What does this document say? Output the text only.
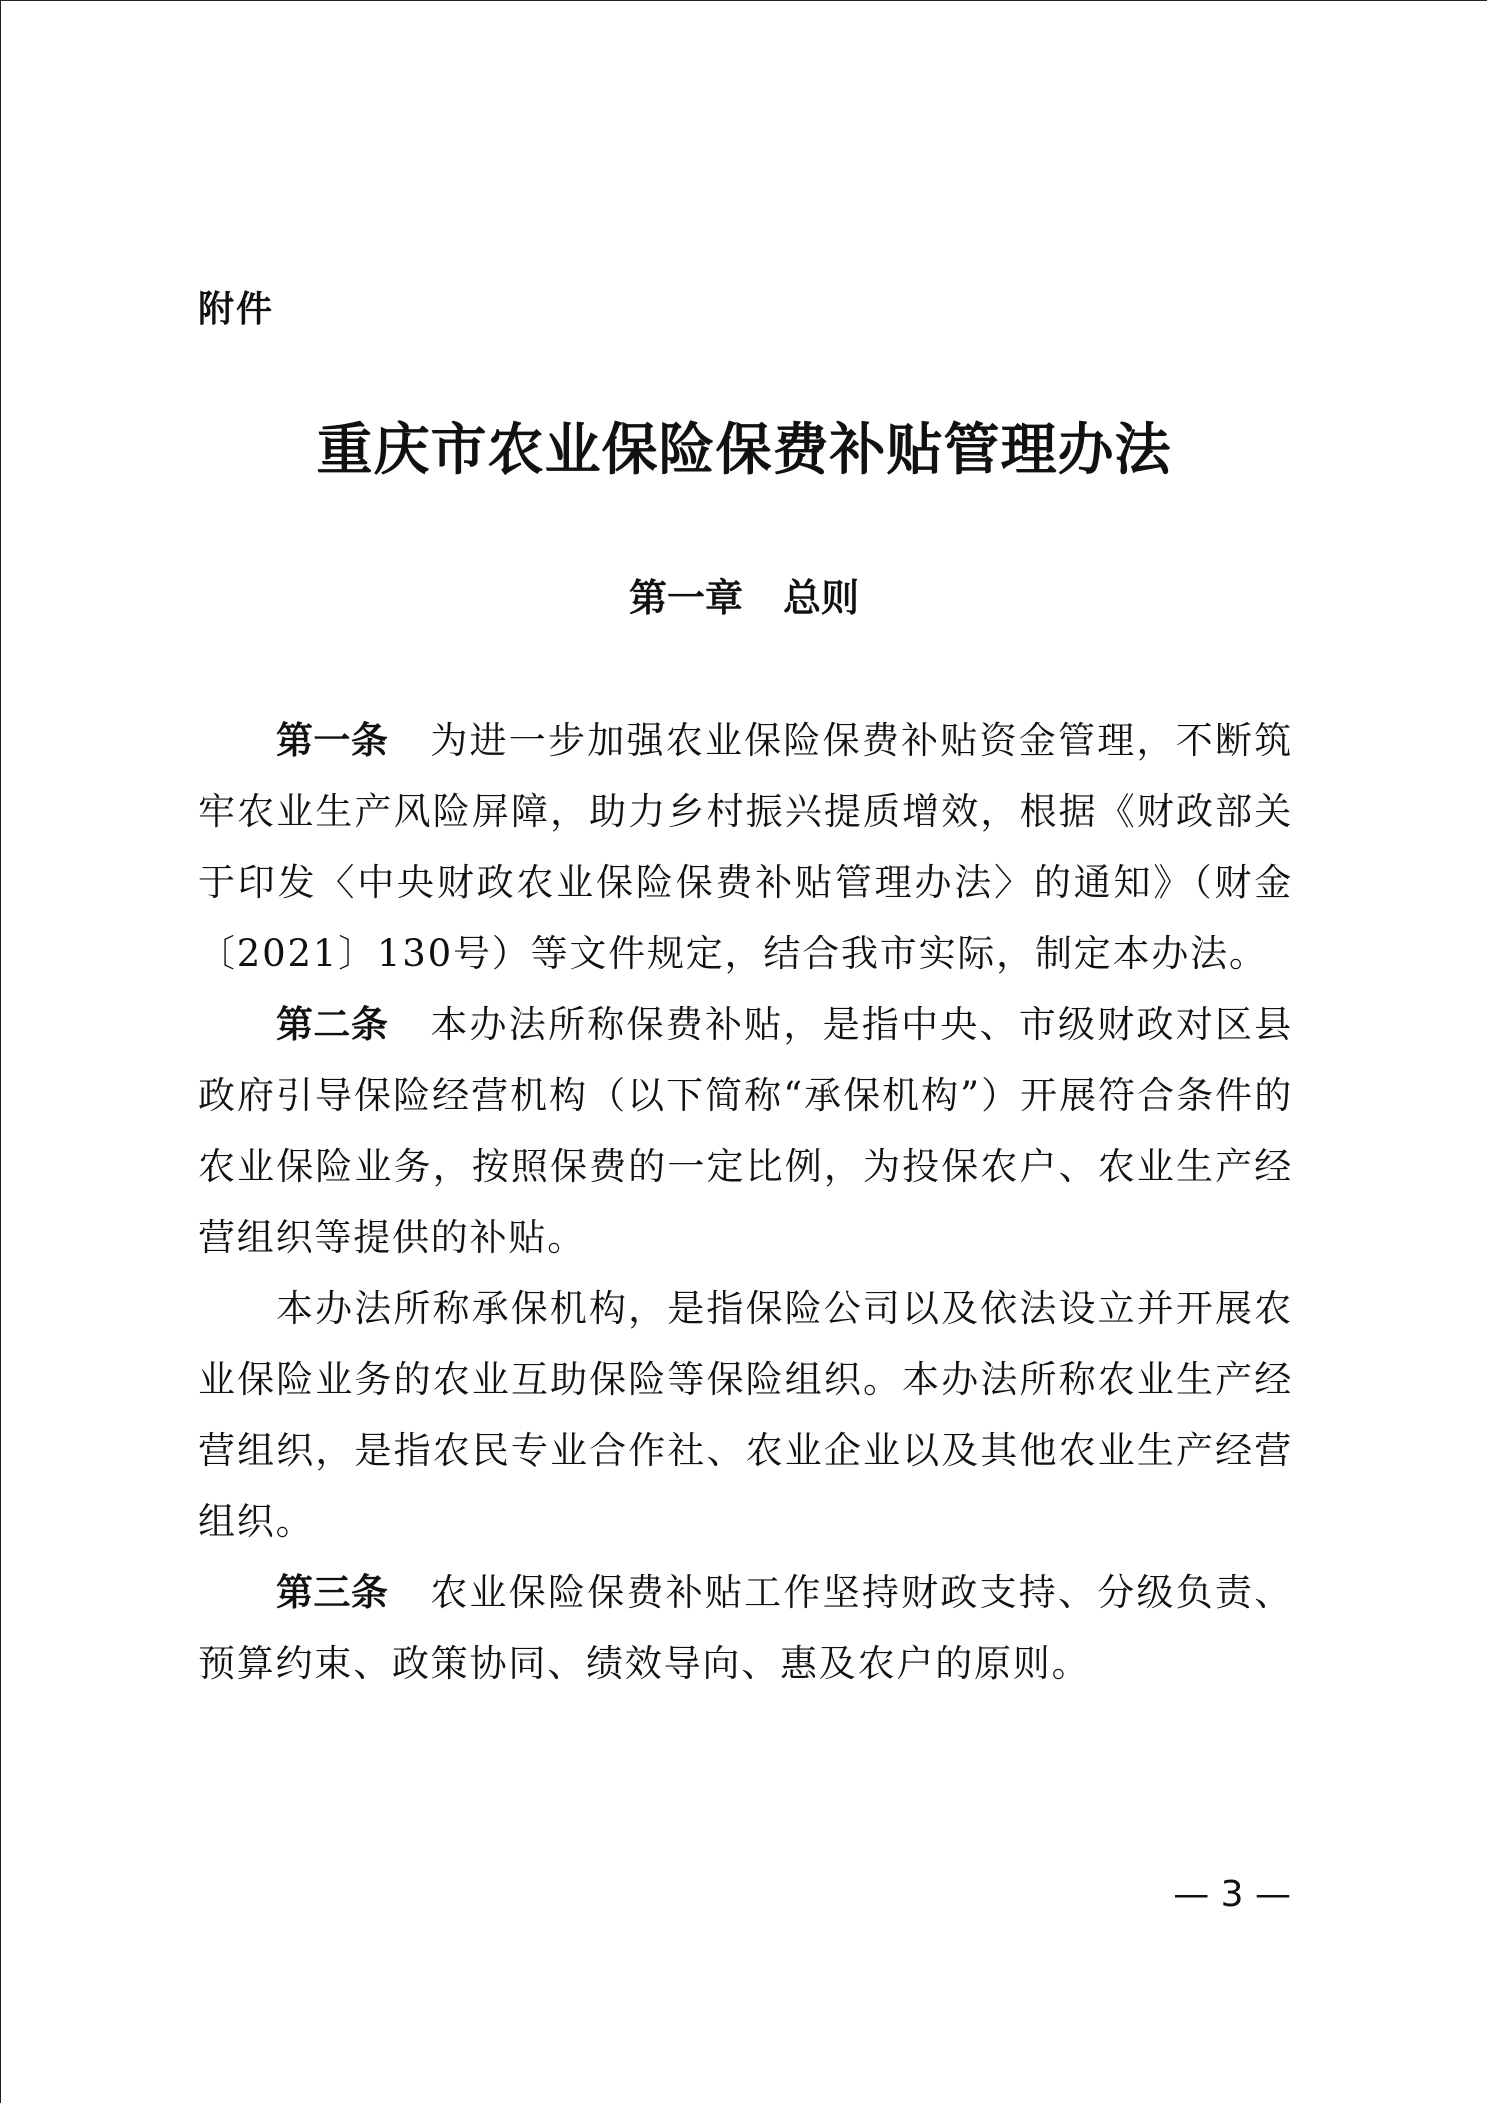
附件
重庆市农业保险保费补贴管理办法
第一章 总则

第一条 为进一步加强农业保险保费补贴资金管理，不断筑牢农业生产风险屏障，助力乡村振兴提质增效，根据《财政部关于印发〈中央财政农业保险保费补贴管理办法〉的通知》（财金〔2021〕130号）等文件规定，结合我市实际，制定本办法。

第二条 本办法所称保费补贴，是指中央、市级财政对区县政府引导保险经营机构（以下简称“承保机构”）开展符合条件的农业保险业务，按照保费的一定比例，为投保农户、农业生产经营组织等提供的补贴。

本办法所称承保机构，是指保险公司以及依法设立并开展农业保险业务的农业互助保险等保险组织。本办法所称农业生产经营组织，是指农民专业合作社、农业企业以及其他农业生产经营组织。

第三条 农业保险保费补贴工作坚持财政支持、分级负责、预算约束、政策协同、绩效导向、惠及农户的原则。

— 3 —
